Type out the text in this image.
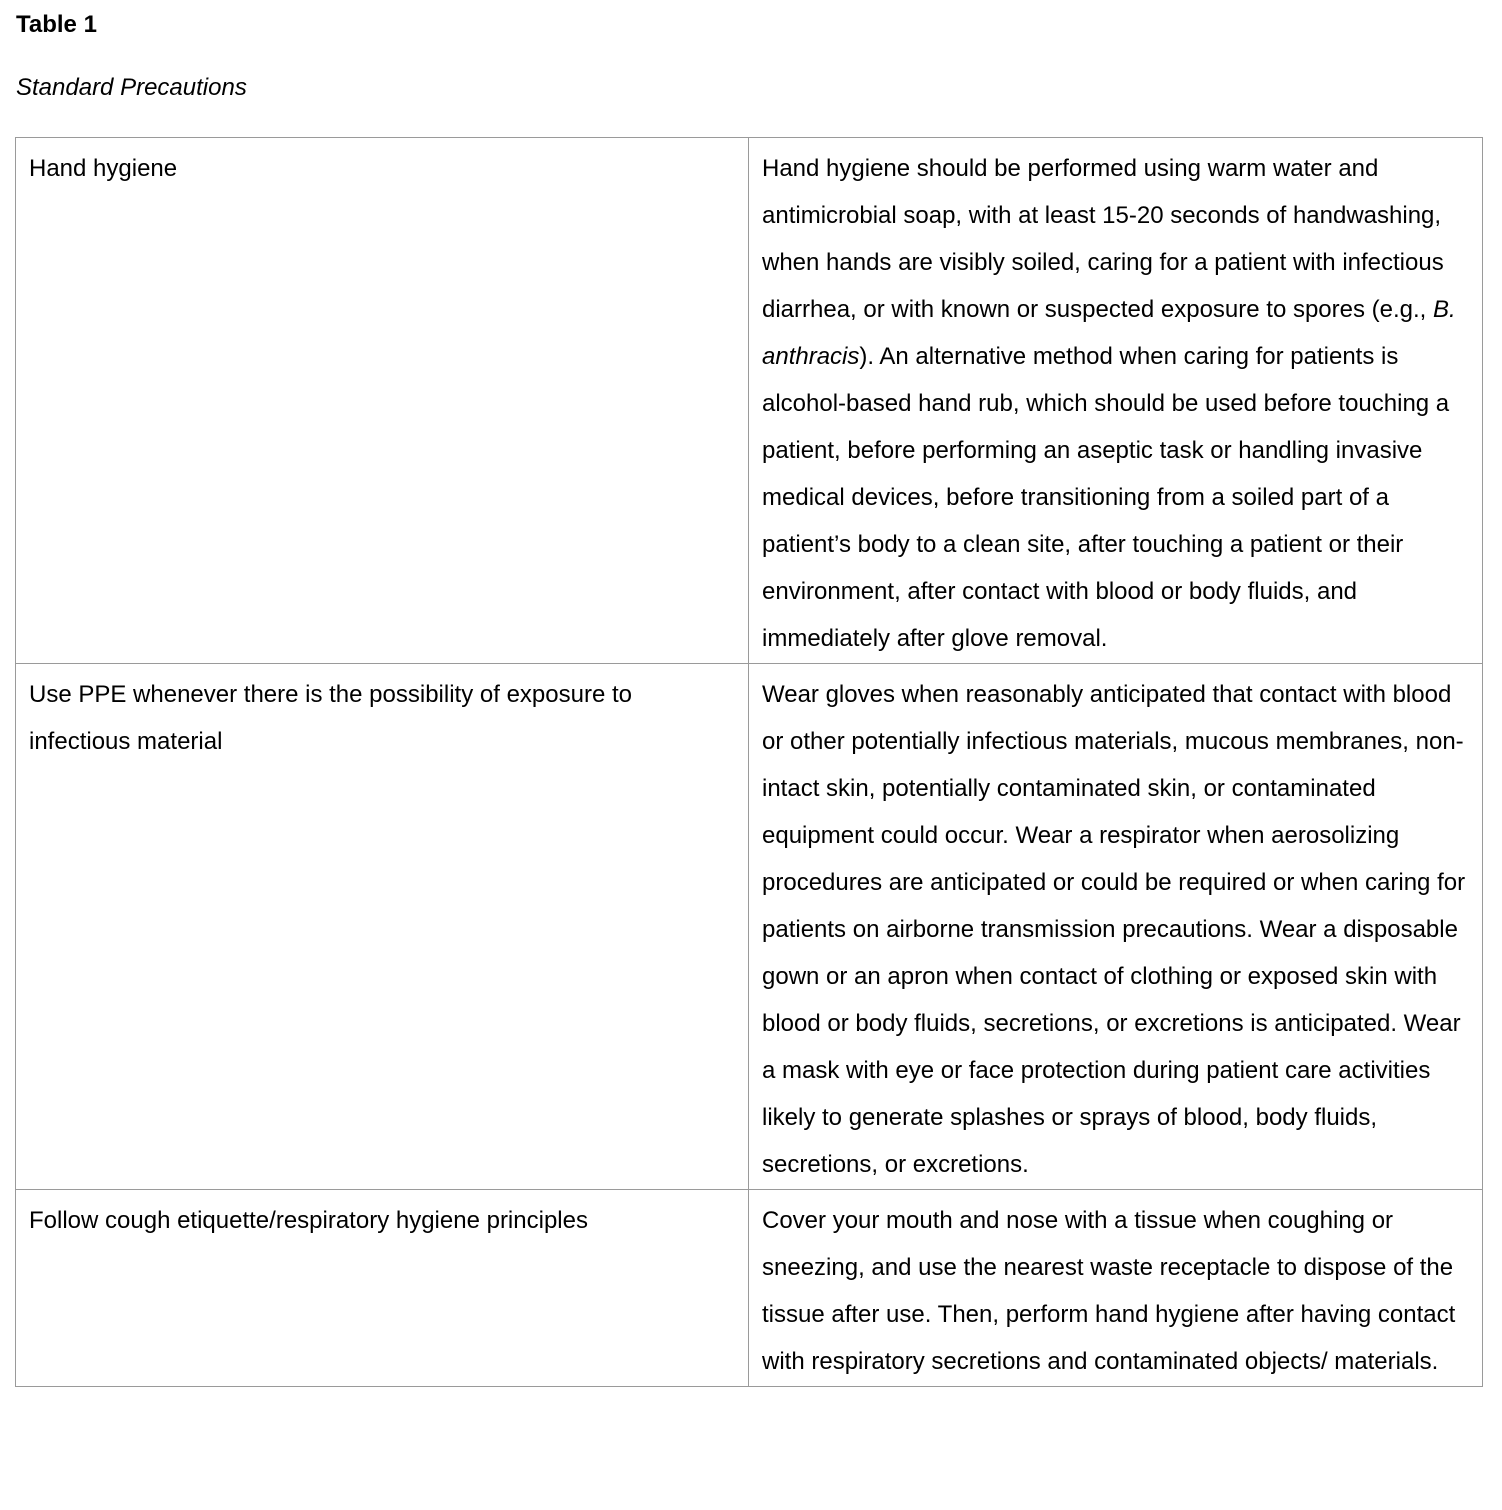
Table 1

Standard Precautions

Hand hygiene	Hand hygiene should be performed using warm water and antimicrobial soap, with at least 15-20 seconds of handwashing, when hands are visibly soiled, caring for a patient with infectious diarrhea, or with known or suspected exposure to spores (e.g., B. anthracis). An alternative method when caring for patients is alcohol-based hand rub, which should be used before touching a patient, before performing an aseptic task or handling invasive medical devices, before transitioning from a soiled part of a patient’s body to a clean site, after touching a patient or their environment, after contact with blood or body fluids, and immediately after glove removal.
Use PPE whenever there is the possibility of exposure to infectious material	Wear gloves when reasonably anticipated that contact with blood or other potentially infectious materials, mucous membranes, non-intact skin, potentially contaminated skin, or contaminated equipment could occur. Wear a respirator when aerosolizing procedures are anticipated or could be required or when caring for patients on airborne transmission precautions. Wear a disposable gown or an apron when contact of clothing or exposed skin with blood or body fluids, secretions, or excretions is anticipated. Wear a mask with eye or face protection during patient care activities likely to generate splashes or sprays of blood, body fluids, secretions, or excretions.
Follow cough etiquette/respiratory hygiene principles	Cover your mouth and nose with a tissue when coughing or sneezing, and use the nearest waste receptacle to dispose of the tissue after use. Then, perform hand hygiene after having contact with respiratory secretions and contaminated objects/ materials.
